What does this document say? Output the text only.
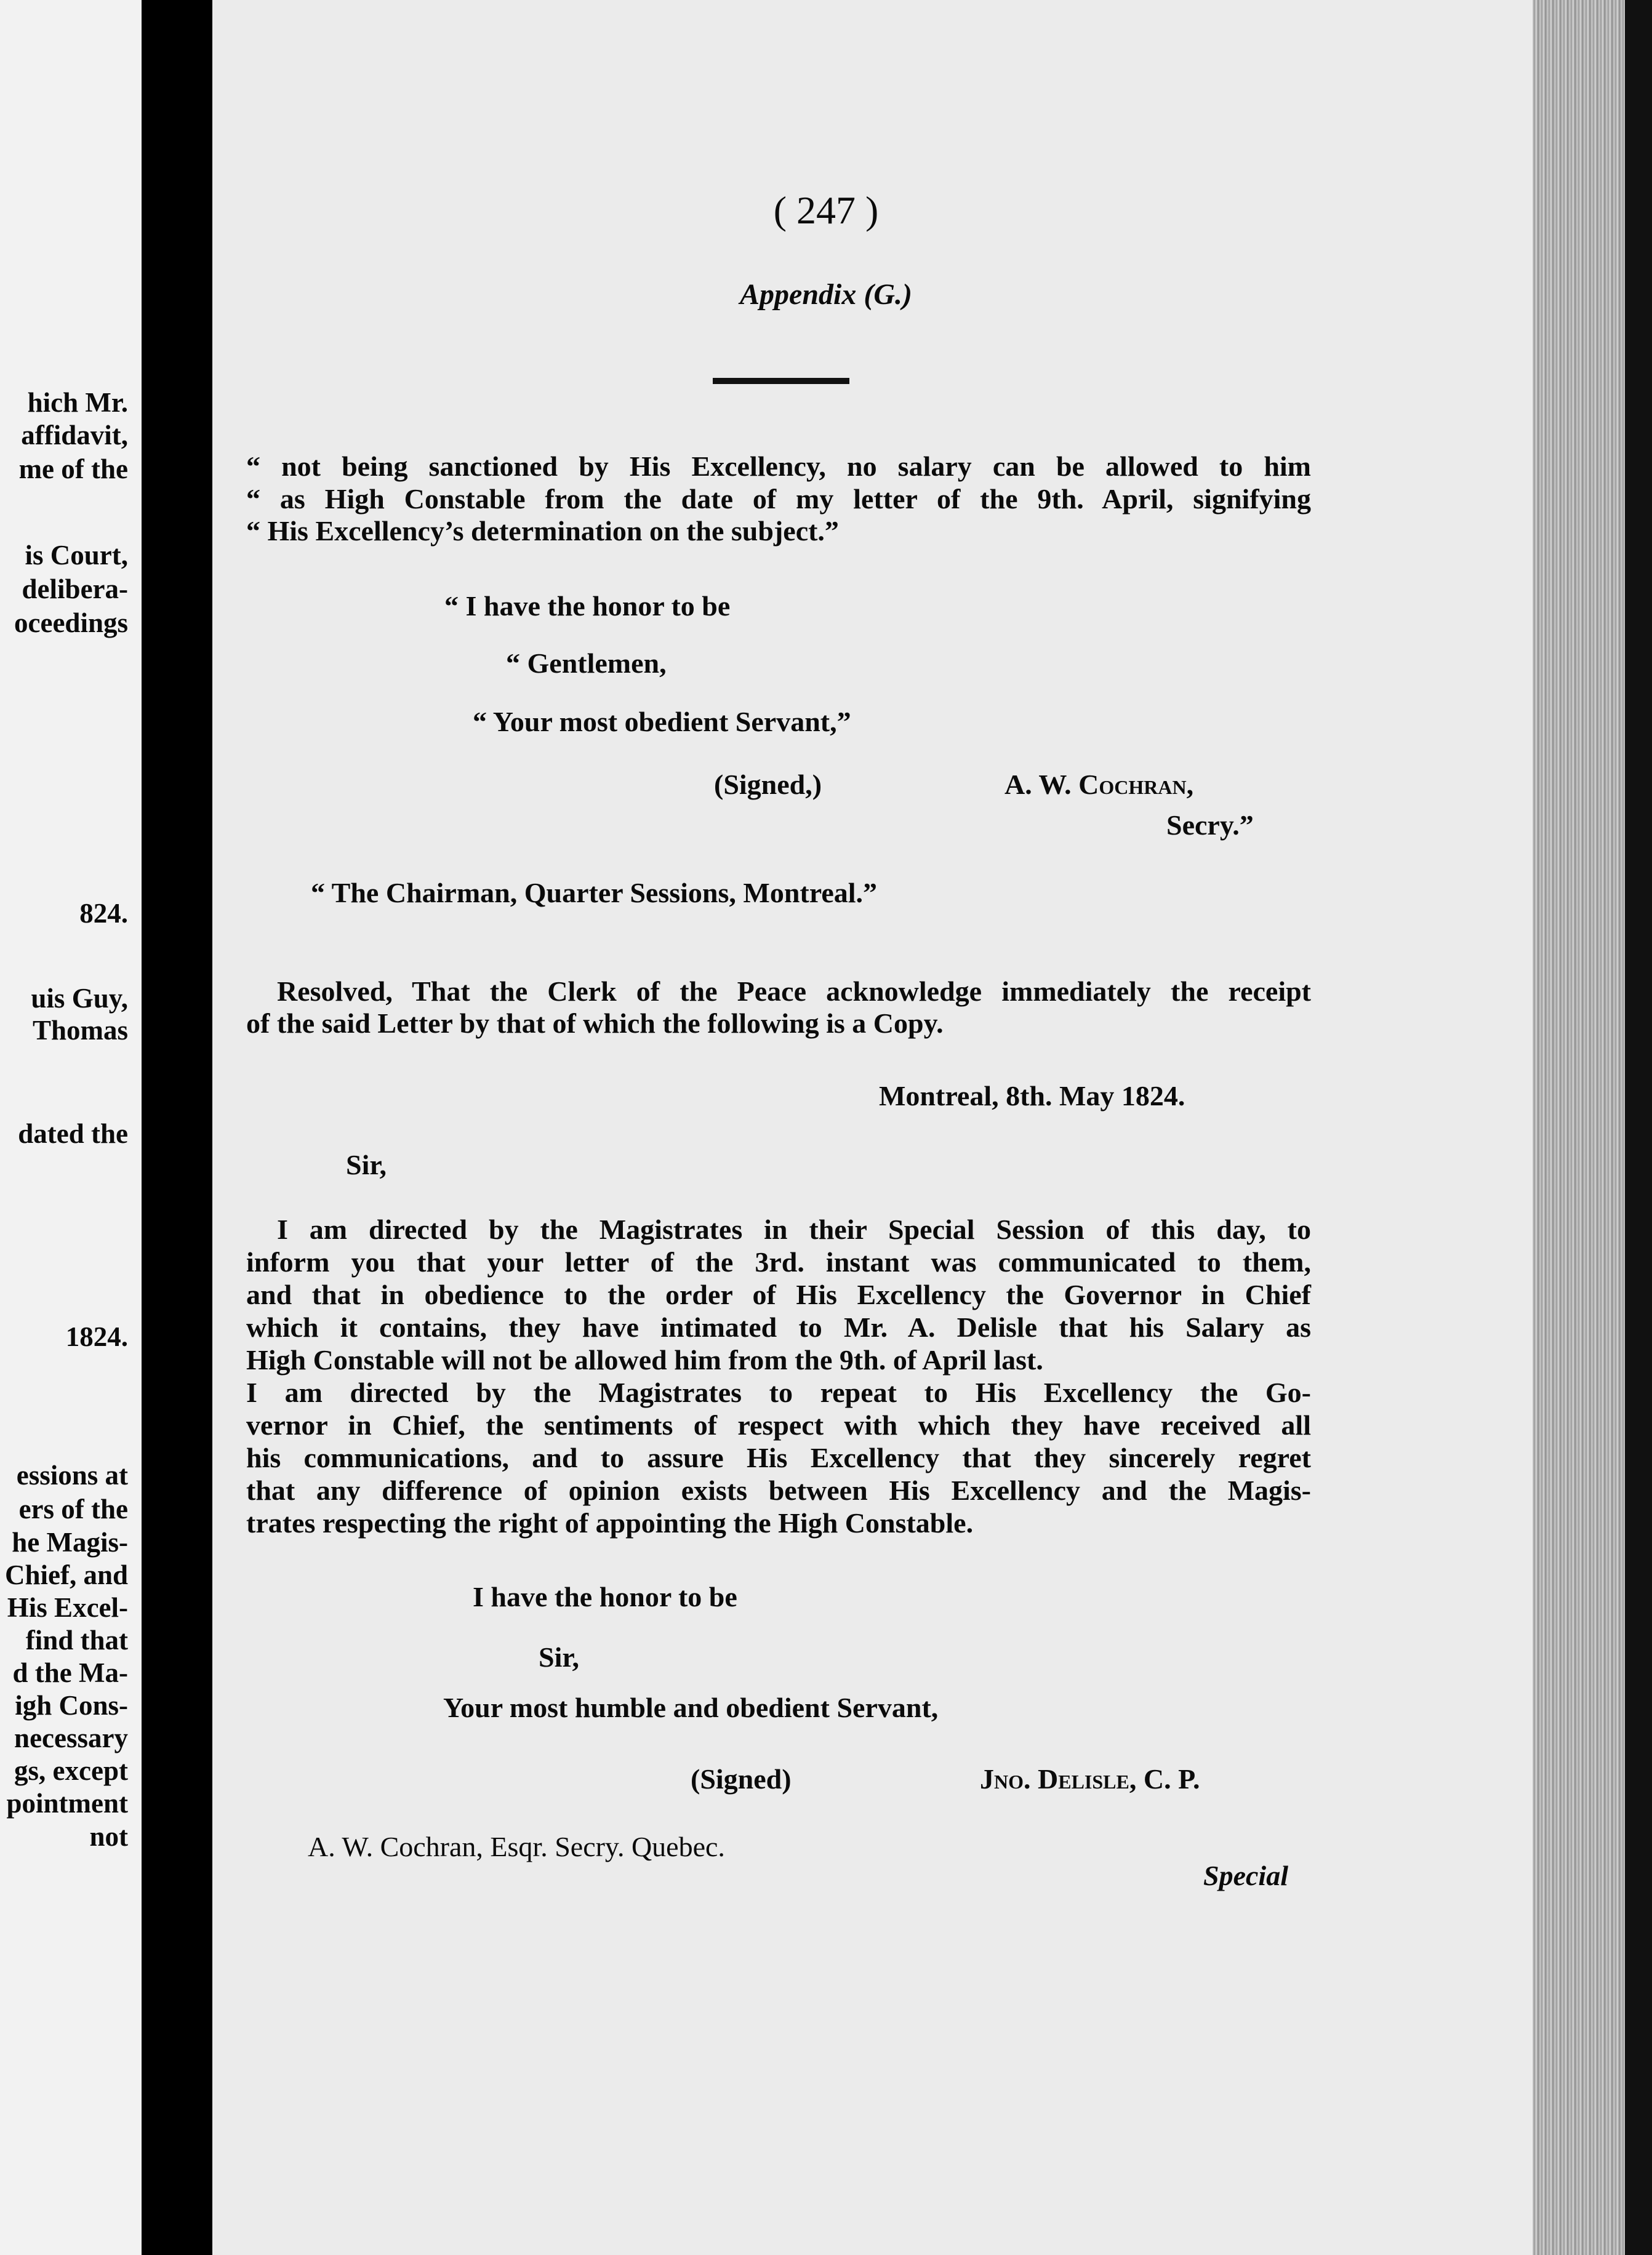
hich Mr.
affidavit,
me of the
is Court,
delibera-
oceedings
824.
uis Guy,
Thomas
dated the
1824.
essions at
ers of the
he Magis-
Chief, and
His Excel-
find that
d the Ma-
igh Cons-
necessary
gs, except
pointment
not
( 247 )
Appendix (G.)
“ not being sanctioned by His Excellency, no salary can be allowed to him
“ as High Constable from the date of my letter of the 9th. April, signifying
“ His Excellency’s determination on the subject.”
“ I have the honor to be
“ Gentlemen,
“ Your most obedient Servant,”
(Signed,)	A. W. Cochran,
Secry.”
“ The Chairman, Quarter Sessions, Montreal.”
Resolved, That the Clerk of the Peace acknowledge immediately the receipt
of the said Letter by that of which the following is a Copy.
Montreal, 8th. May 1824.
Sir,
I am directed by the Magistrates in their Special Session of this day, to
inform you that your letter of the 3rd. instant was communicated to them,
and that in obedience to the order of His Excellency the Governor in Chief
which it contains, they have intimated to Mr. A. Delisle that his Salary as
High Constable will not be allowed him from the 9th. of April last.
I am directed by the Magistrates to repeat to His Excellency the Go-
vernor in Chief, the sentiments of respect with which they have received all
his communications, and to assure His Excellency that they sincerely regret
that any difference of opinion exists between His Excellency and the Magis-
trates respecting the right of appointing the High Constable.
I have the honor to be
Sir,
Your most humble and obedient Servant,
(Signed)	Jno. Delisle, C. P.
A. W. Cochran, Esqr. Secry. Quebec.
Special
